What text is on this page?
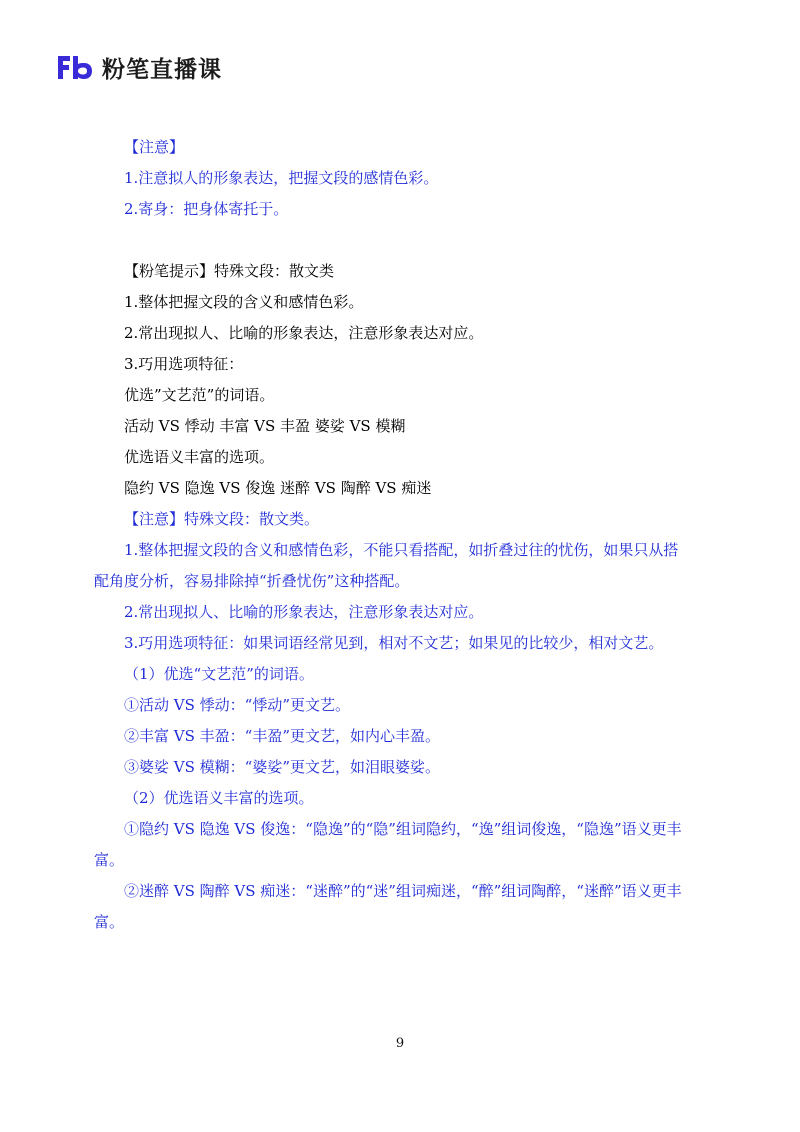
粉笔直播课
【注意】
1.注意拟人的形象表达，把握文段的感情色彩。
2.寄身：把身体寄托于。
【粉笔提示】特殊文段：散文类
1.整体把握文段的含义和感情色彩。
2.常出现拟人、比喻的形象表达，注意形象表达对应。
3.巧用选项特征：
优选”文艺范”的词语。
活动 VS 悸动 丰富 VS 丰盈 婆娑 VS 模糊
优选语义丰富的选项。
隐约 VS 隐逸 VS 俊逸 迷醉 VS 陶醉 VS 痴迷
【注意】特殊文段：散文类。
1.整体把握文段的含义和感情色彩，不能只看搭配，如折叠过往的忧伤，如果只从搭配角度分析，容易排除掉“折叠忧伤”这种搭配。
2.常出现拟人、比喻的形象表达，注意形象表达对应。
3.巧用选项特征：如果词语经常见到，相对不文艺；如果见的比较少，相对文艺。
（1）优选“文艺范”的词语。
①活动 VS 悸动：“悸动”更文艺。
②丰富 VS 丰盈：“丰盈”更文艺，如内心丰盈。
③婆娑 VS 模糊：“婆娑”更文艺，如泪眼婆娑。
（2）优选语义丰富的选项。
①隐约 VS 隐逸 VS 俊逸：“隐逸”的“隐”组词隐约，“逸”组词俊逸，“隐逸”语义更丰富。
②迷醉 VS 陶醉 VS 痴迷：“迷醉”的“迷”组词痴迷，“醉”组词陶醉，“迷醉”语义更丰富。
9
